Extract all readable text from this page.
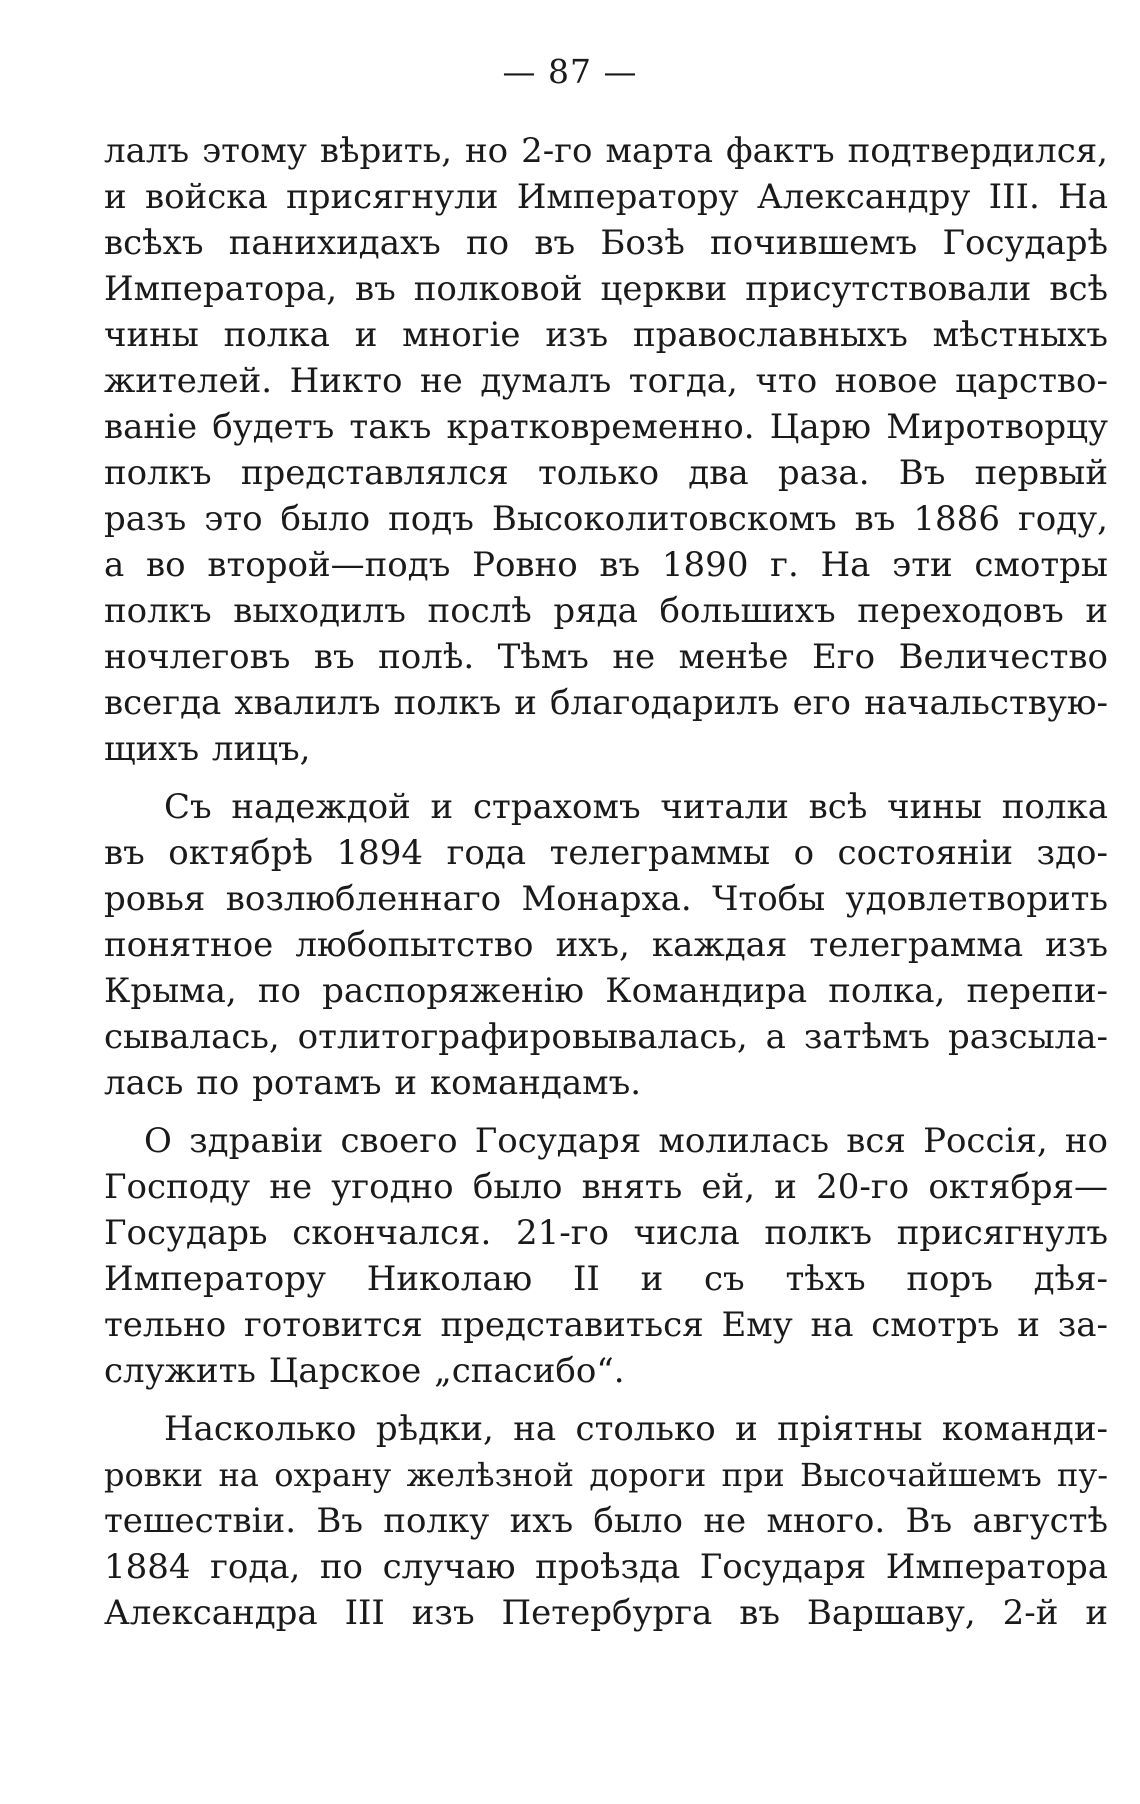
— 87 —
лалъ этому вѣрить, но 2-го марта фактъ подтвердился,
и войска присягнули Императору Александру III. На
всѣхъ панихидахъ по въ Бозѣ почившемъ Государѣ
Императора, въ полковой церкви присутствовали всѣ
чины полка и многіе изъ православныхъ мѣстныхъ
жителей. Никто не думалъ тогда, что новое царство-
ваніе будетъ такъ кратковременно. Царю Миротворцу
полкъ представлялся только два раза. Въ первый
разъ это было подъ Высоколитовскомъ въ 1886 году,
а во второй—подъ Ровно въ 1890 г. На эти смотры
полкъ выходилъ послѣ ряда большихъ переходовъ и
ночлеговъ въ полѣ. Тѣмъ не менѣе Его Величество
всегда хвалилъ полкъ и благодарилъ его начальствую-
щихъ лицъ,
Съ надеждой и страхомъ читали всѣ чины полка
въ октябрѣ 1894 года телеграммы о состояніи здо-
ровья возлюбленнаго Монарха. Чтобы удовлетворить
понятное любопытство ихъ, каждая телеграмма изъ
Крыма, по распоряженію Командира полка, перепи-
сывалась, отлитографировывалась, а затѣмъ разсыла-
лась по ротамъ и командамъ.
О здравіи своего Государя молилась вся Россія, но
Господу не угодно было внять ей, и 20-го октября—
Государь скончался. 21-го числа полкъ присягнулъ
Императору Николаю II и съ тѣхъ поръ дѣя-
тельно готовится представиться Ему на смотръ и за-
служить Царское „спасибо“.
Насколько рѣдки, на столько и пріятны команди-
ровки на охрану желѣзной дороги при Высочайшемъ пу-
тешествіи. Въ полку ихъ было не много. Въ августѣ
1884 года, по случаю проѣзда Государя Императора
Александра III изъ Петербурга въ Варшаву, 2-й и
